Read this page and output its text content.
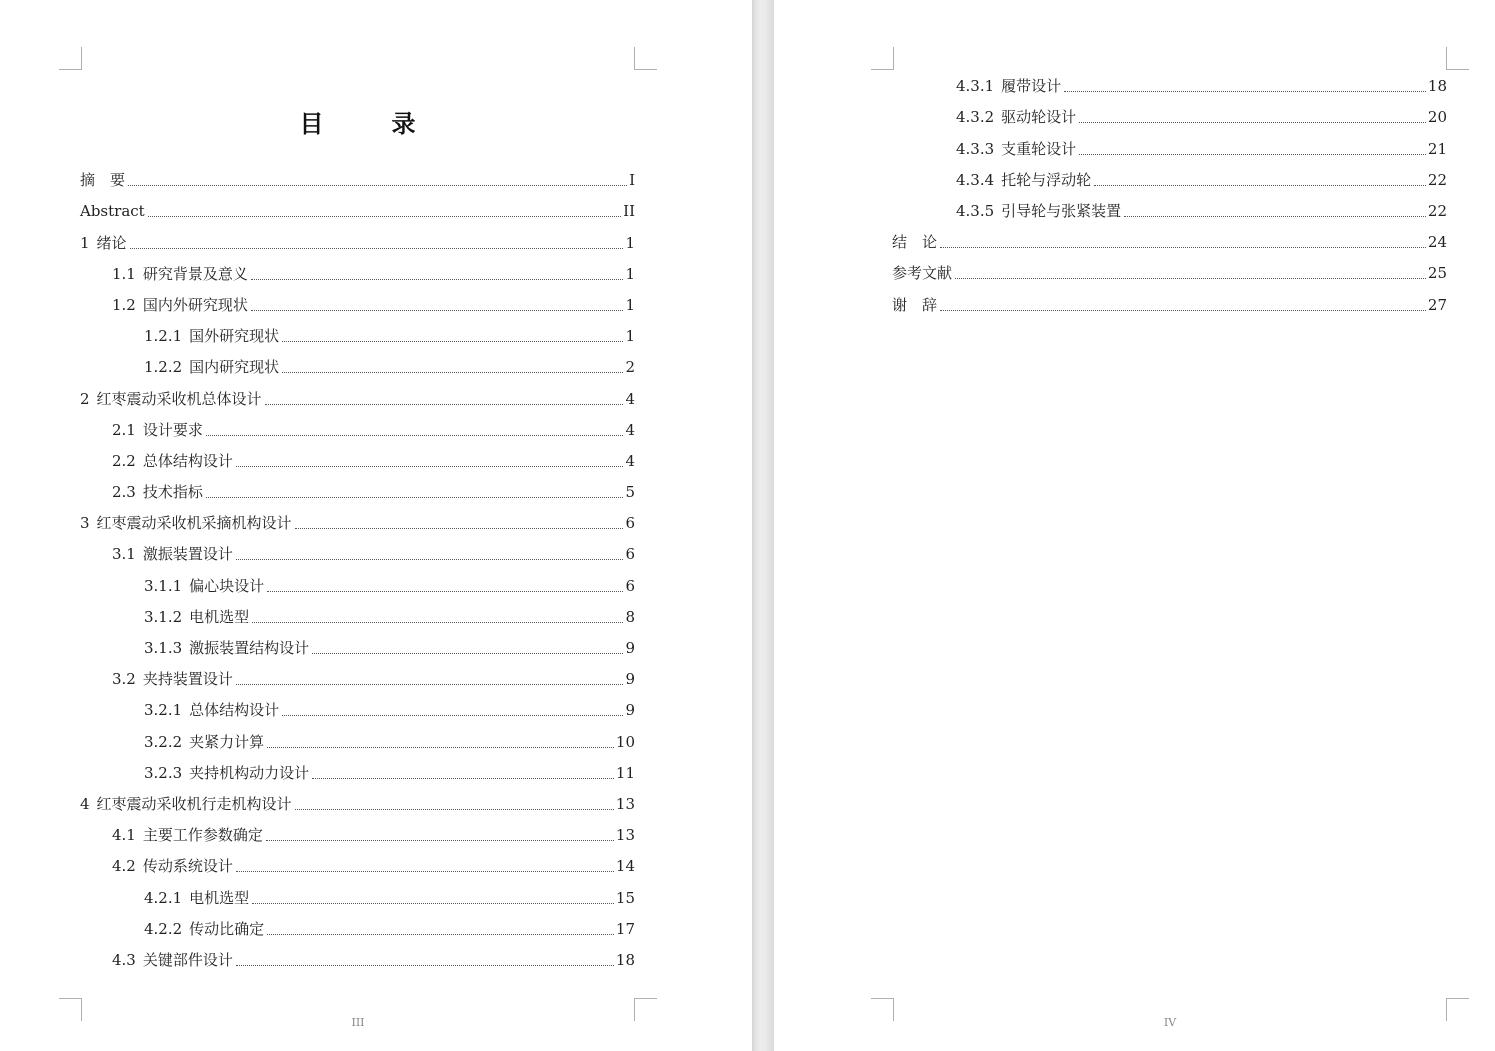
目　录
III	IV
摘　要	I
Abstract	II
1 绪论	1
1.1 研究背景及意义	1
1.2 国内外研究现状	1
1.2.1 国外研究现状	1
1.2.2 国内研究现状	2
2 红枣震动采收机总体设计	4
2.1 设计要求	4
2.2 总体结构设计	4
2.3 技术指标	5
3 红枣震动采收机采摘机构设计	6
3.1 激振装置设计	6
3.1.1 偏心块设计	6
3.1.2 电机选型	8
3.1.3 激振装置结构设计	9
3.2 夹持装置设计	9
3.2.1 总体结构设计	9
3.2.2 夹紧力计算	10
3.2.3 夹持机构动力设计	11
4 红枣震动采收机行走机构设计	13
4.1 主要工作参数确定	13
4.2 传动系统设计	14
4.2.1 电机选型	15
4.2.2 传动比确定	17
4.3 关键部件设计	18
4.3.1 履带设计	18
4.3.2 驱动轮设计	20
4.3.3 支重轮设计	21
4.3.4 托轮与浮动轮	22
4.3.5 引导轮与张紧装置	22
结　论	24
参考文献	25
谢　辞	27
